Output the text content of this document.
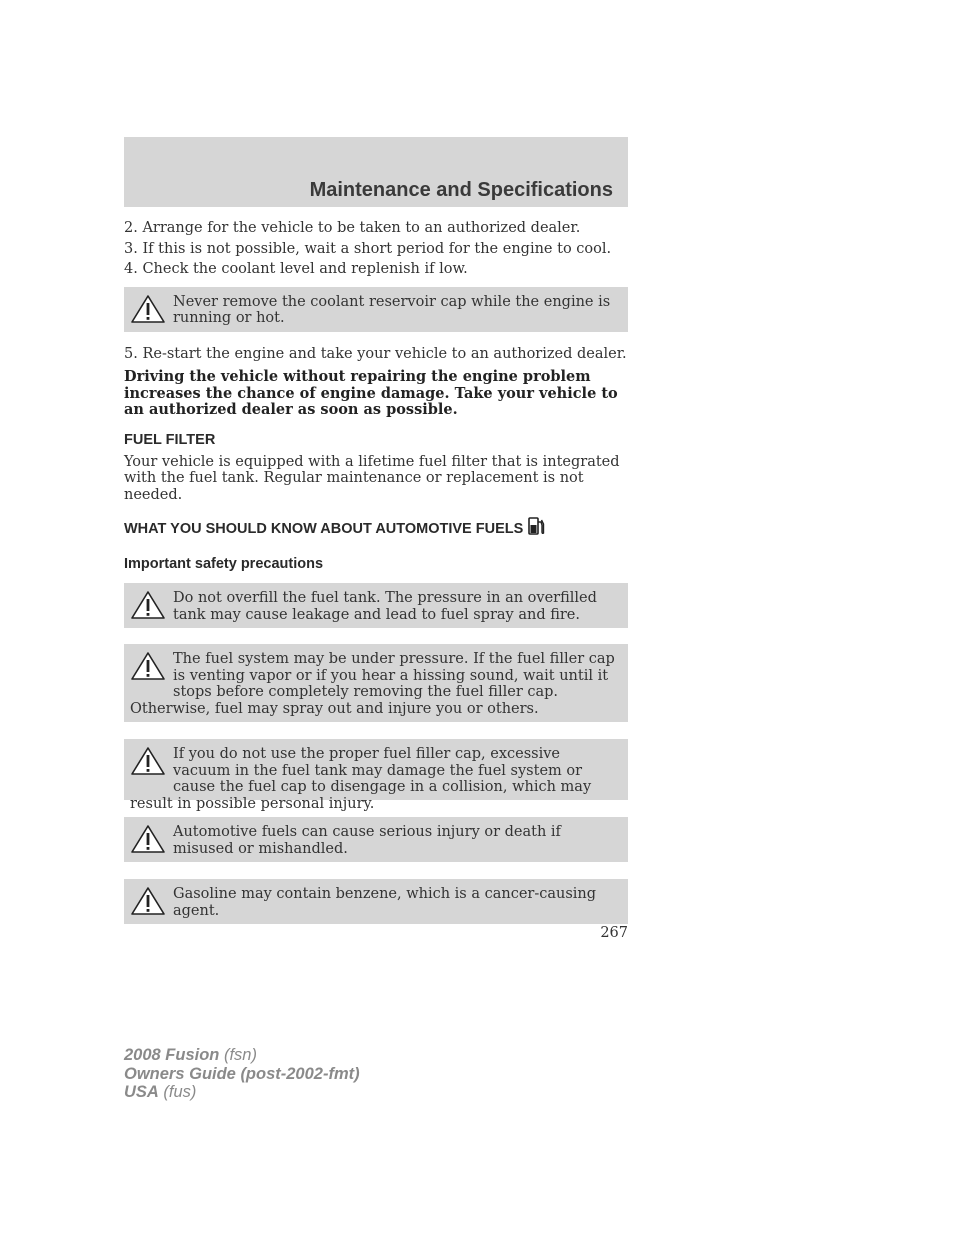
Maintenance and Specifications

2. Arrange for the vehicle to be taken to an authorized dealer.

3. If this is not possible, wait a short period for the engine to cool.

4. Check the coolant level and replenish if low.

Never remove the coolant reservoir cap while the engine is running or hot.

5. Re-start the engine and take your vehicle to an authorized dealer.

Driving the vehicle without repairing the engine problem increases the chance of engine damage. Take your vehicle to an authorized dealer as soon as possible.

FUEL FILTER

Your vehicle is equipped with a lifetime fuel filter that is integrated with the fuel tank. Regular maintenance or replacement is not needed.

WHAT YOU SHOULD KNOW ABOUT AUTOMOTIVE FUELS
Important safety precautions

Do not overfill the fuel tank. The pressure in an overfilled tank may cause leakage and lead to fuel spray and fire.

The fuel system may be under pressure. If the fuel filler cap is venting vapor or if you hear a hissing sound, wait until it stops before completely removing the fuel filler cap. Otherwise, fuel may spray out and injure you or others.

If you do not use the proper fuel filler cap, excessive vacuum in the fuel tank may damage the fuel system or cause the fuel cap to disengage in a collision, which may result in possible personal injury.

Automotive fuels can cause serious injury or death if misused or mishandled.

Gasoline may contain benzene, which is a cancer-causing agent.

267
2008 Fusion (fsn)
Owners Guide (post-2002-fmt)
USA (fus)
